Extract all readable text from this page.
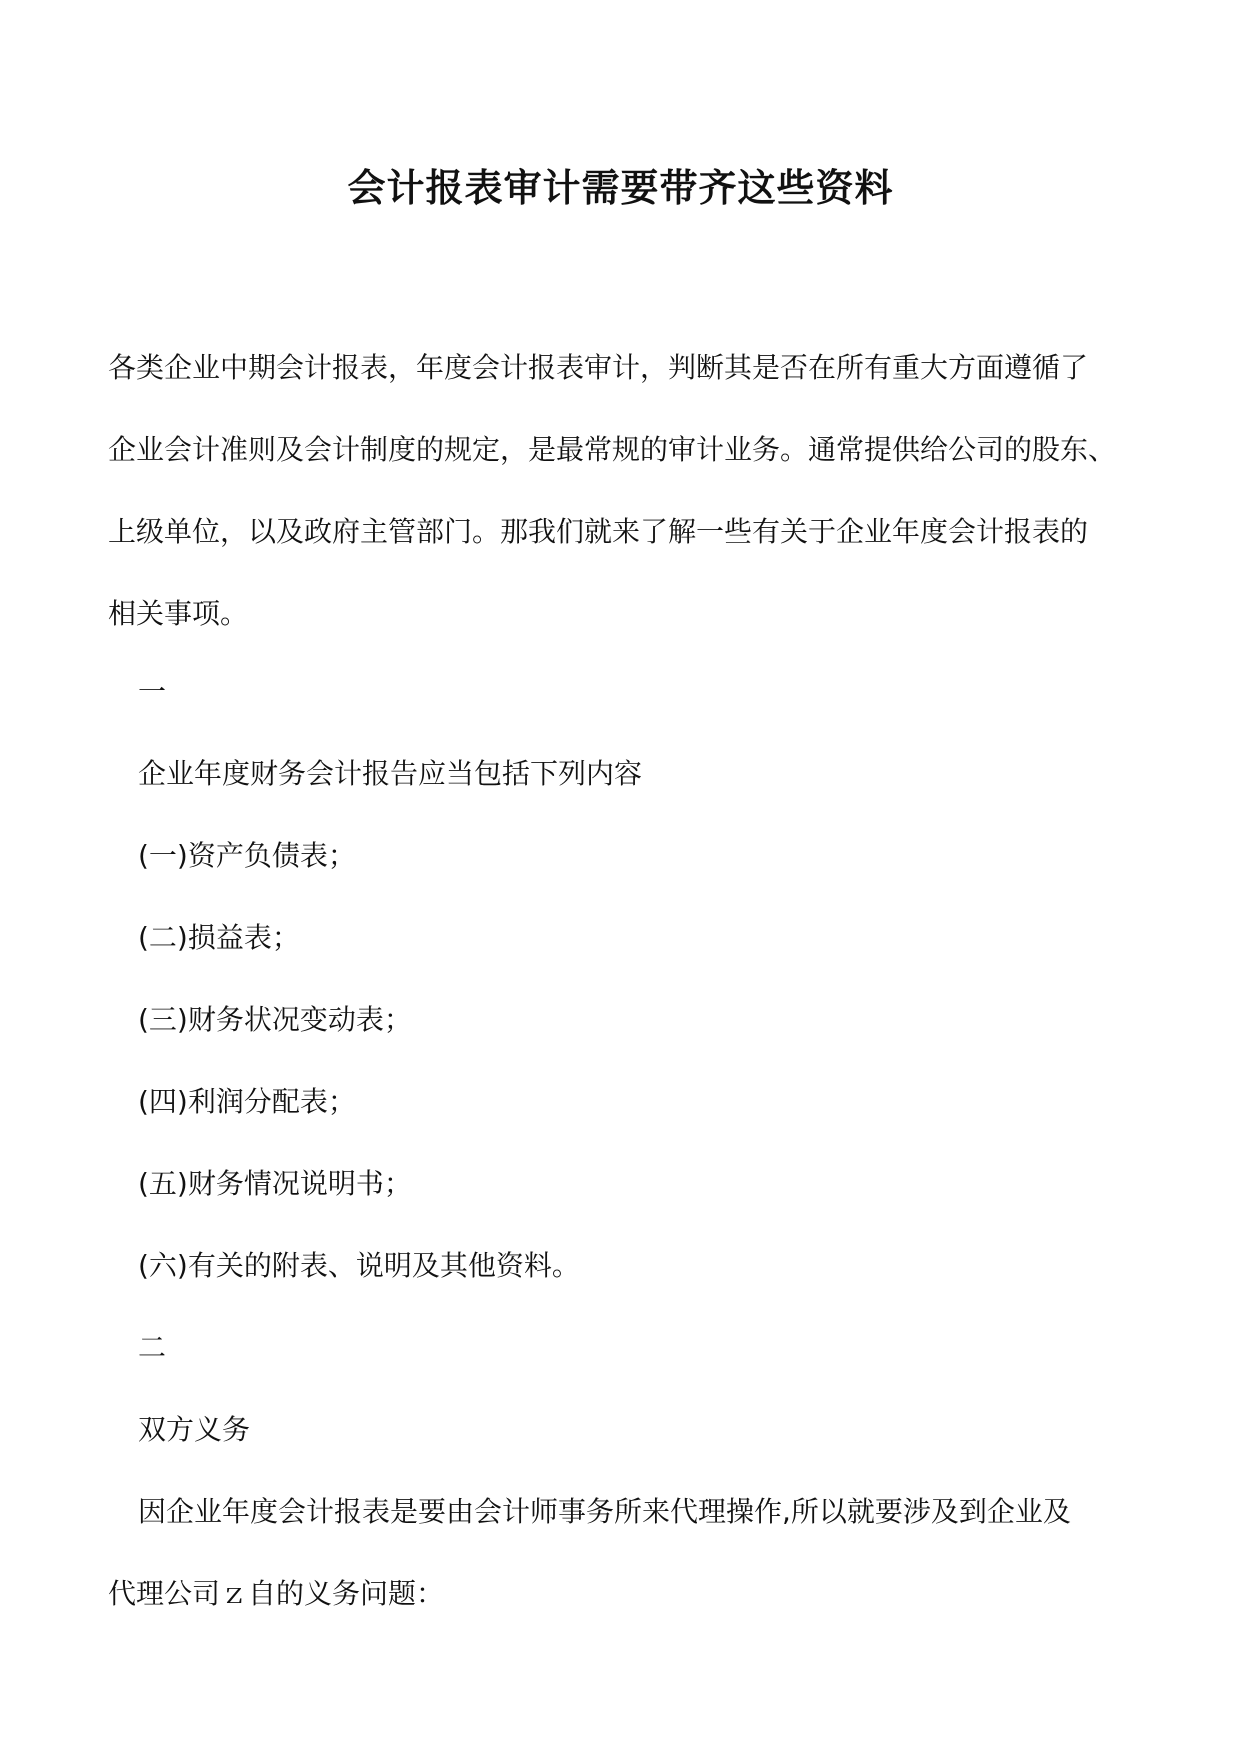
会计报表审计需要带齐这些资料
各类企业中期会计报表，年度会计报表审计，判断其是否在所有重大方面遵循了
企业会计准则及会计制度的规定，是最常规的审计业务。通常提供给公司的股东、
上级单位，以及政府主管部门。那我们就来了解一些有关于企业年度会计报表的
相关事项。
一
企业年度财务会计报告应当包括下列内容
(一)资产负债表；
(二)损益表；
(三)财务状况变动表；
(四)利润分配表；
(五)财务情况说明书；
(六)有关的附表、说明及其他资料。
二
双方义务
因企业年度会计报表是要由会计师事务所来代理操作,所以就要涉及到企业及
代理公司ｚ自的义务问题：
